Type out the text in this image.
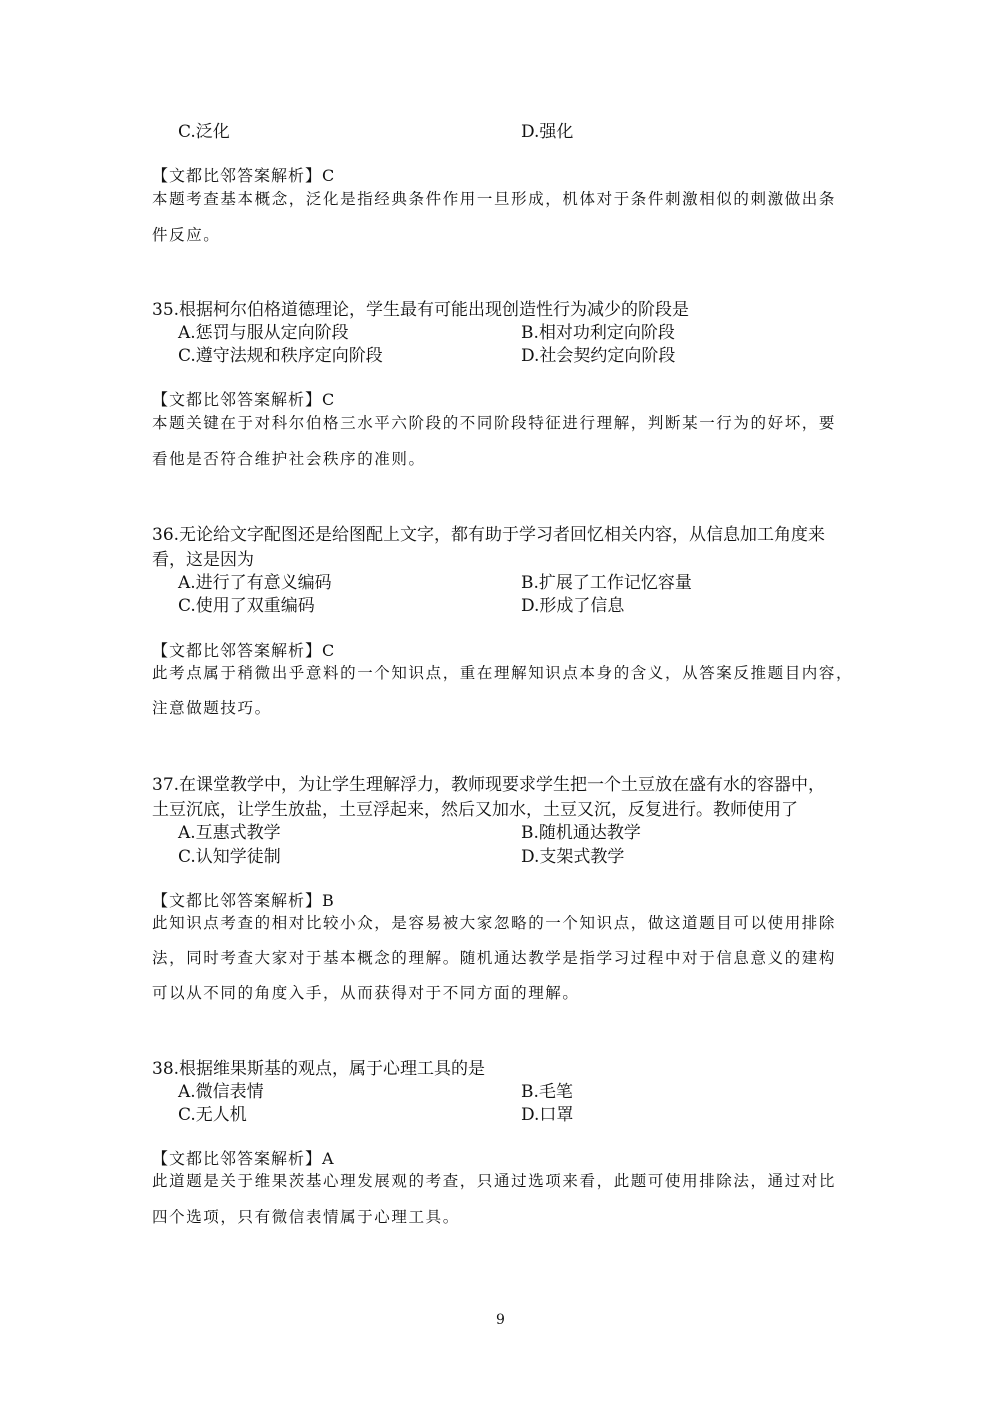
C.泛化	D.强化
【文都比邻答案解析】C
本题考查基本概念，泛化是指经典条件作用一旦形成，机体对于条件刺激相似的刺激做出条
件反应。
35.根据柯尔伯格道德理论，学生最有可能出现创造性行为减少的阶段是
A.惩罚与服从定向阶段	B.相对功利定向阶段
C.遵守法规和秩序定向阶段	D.社会契约定向阶段
【文都比邻答案解析】C
本题关键在于对科尔伯格三水平六阶段的不同阶段特征进行理解，判断某一行为的好坏，要
看他是否符合维护社会秩序的准则。
36.无论给文字配图还是给图配上文字，都有助于学习者回忆相关内容，从信息加工角度来
看，这是因为
A.进行了有意义编码	B.扩展了工作记忆容量
C.使用了双重编码	D.形成了信息
【文都比邻答案解析】C
此考点属于稍微出乎意料的一个知识点，重在理解知识点本身的含义，从答案反推题目内容，
注意做题技巧。
37.在课堂教学中，为让学生理解浮力，教师现要求学生把一个土豆放在盛有水的容器中，
土豆沉底，让学生放盐，土豆浮起来，然后又加水，土豆又沉，反复进行。教师使用了
A.互惠式教学	B.随机通达教学
C.认知学徒制	D.支架式教学
【文都比邻答案解析】B
此知识点考查的相对比较小众，是容易被大家忽略的一个知识点，做这道题目可以使用排除
法，同时考查大家对于基本概念的理解。随机通达教学是指学习过程中对于信息意义的建构
可以从不同的角度入手，从而获得对于不同方面的理解。
38.根据维果斯基的观点，属于心理工具的是
A.微信表情	B.毛笔
C.无人机	D.口罩
【文都比邻答案解析】A
此道题是关于维果茨基心理发展观的考查，只通过选项来看，此题可使用排除法，通过对比
四个选项，只有微信表情属于心理工具。
9
